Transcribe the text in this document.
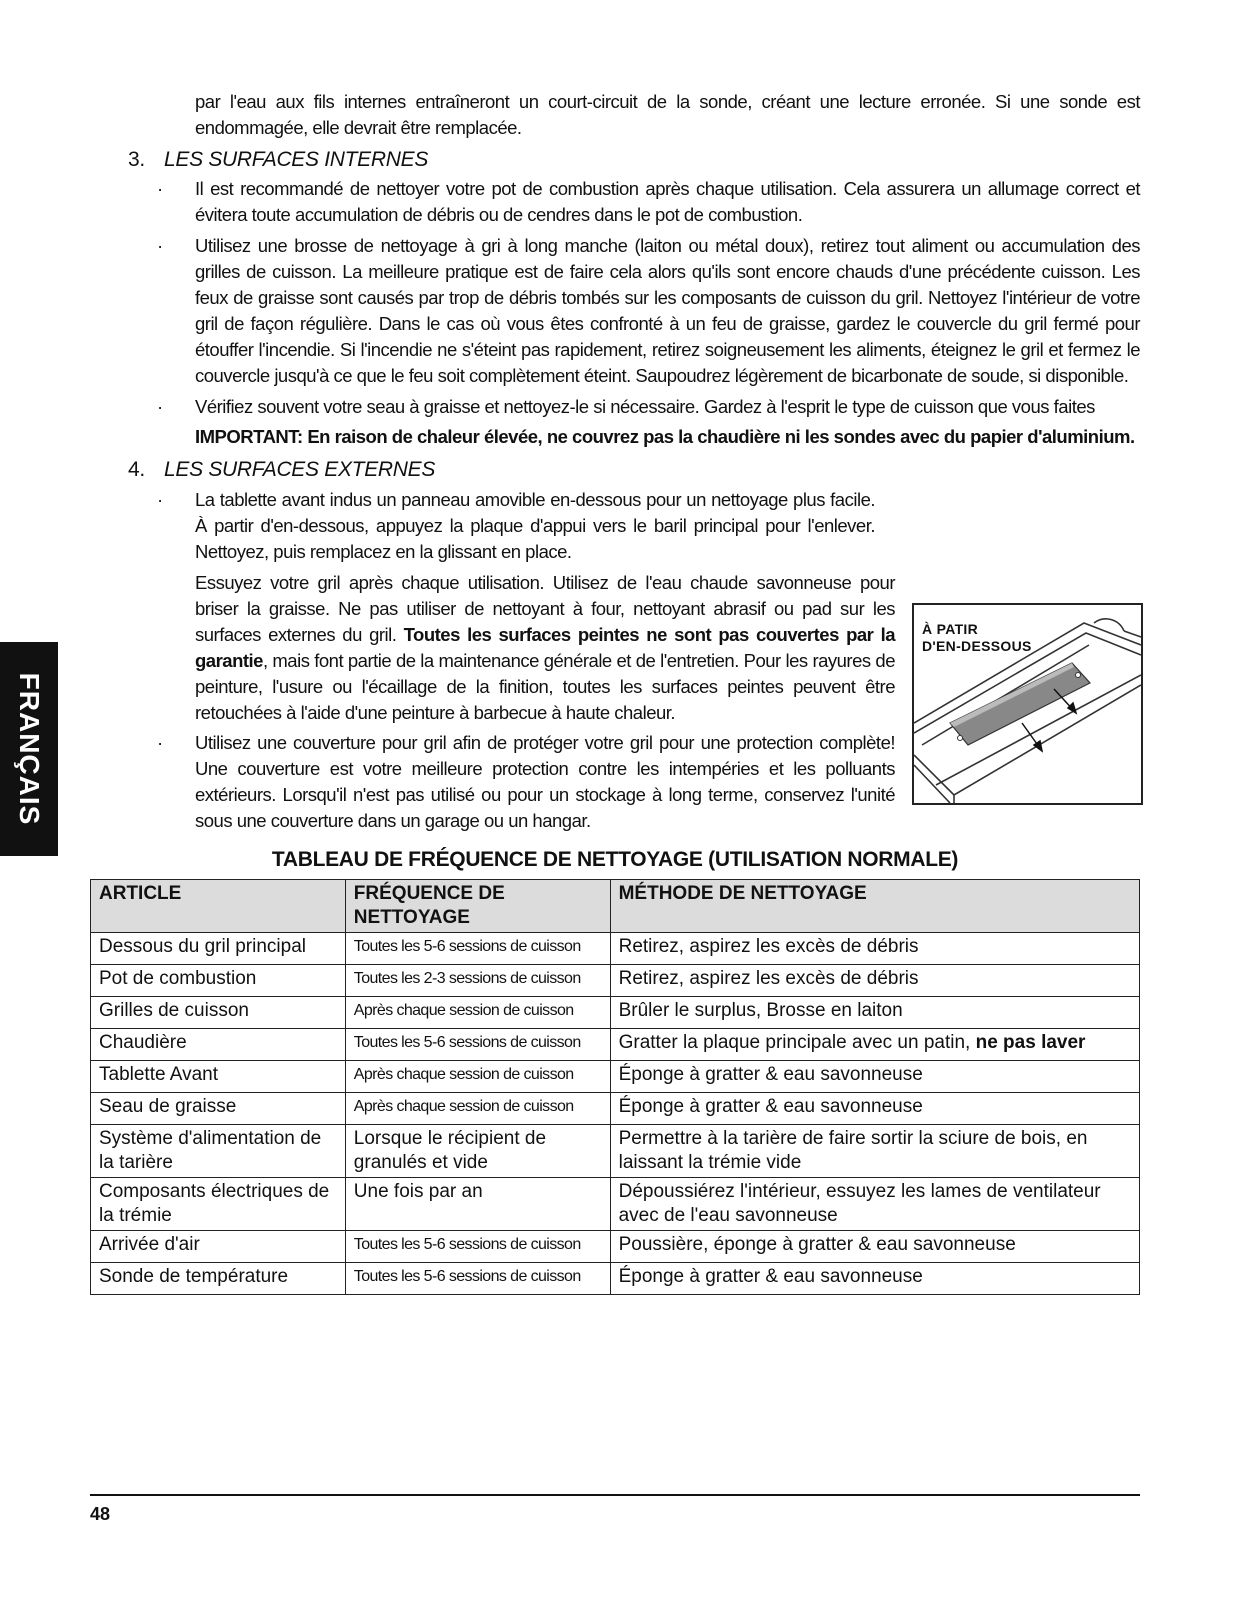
par l'eau aux fils internes entraîneront un court-circuit de la sonde, créant une lecture erronée. Si une sonde est endommagée, elle devrait être remplacée.
3. LES SURFACES INTERNES
· Il est recommandé de nettoyer votre pot de combustion après chaque utilisation. Cela assurera un allumage correct et évitera toute accumulation de débris ou de cendres dans le pot de combustion.
· Utilisez une brosse de nettoyage à gri à long manche (laiton ou métal doux), retirez tout aliment ou accumulation des grilles de cuisson. La meilleure pratique est de faire cela alors qu'ils sont encore chauds d'une précédente cuisson. Les feux de graisse sont causés par trop de débris tombés sur les composants de cuisson du gril. Nettoyez l'intérieur de votre gril de façon régulière. Dans le cas où vous êtes confronté à un feu de graisse, gardez le couvercle du gril fermé pour étouffer l'incendie. Si l'incendie ne s'éteint pas rapidement, retirez soigneusement les aliments, éteignez le gril et fermez le couvercle jusqu'à ce que le feu soit complètement éteint. Saupoudrez légèrement de bicarbonate de soude, si disponible.
· Vérifiez souvent votre seau à graisse et nettoyez-le si nécessaire. Gardez à l'esprit le type de cuisson que vous faites
IMPORTANT: En raison de chaleur élevée, ne couvrez pas la chaudière ni les sondes avec du papier d'aluminium.
4. LES SURFACES EXTERNES
· La tablette avant indus un panneau amovible en-dessous pour un nettoyage plus facile. À partir d'en-dessous, appuyez la plaque d'appui vers le baril principal pour l'enlever. Nettoyez, puis remplacez en la glissant en place.
Essuyez votre gril après chaque utilisation. Utilisez de l'eau chaude savonneuse pour briser la graisse. Ne pas utiliser de nettoyant à four, nettoyant abrasif ou pad sur les surfaces externes du gril. Toutes les surfaces peintes ne sont pas couvertes par la garantie, mais font partie de la maintenance générale et de l'entretien. Pour les rayures de peinture, l'usure ou l'écaillage de la finition, toutes les surfaces peintes peuvent être retouchées à l'aide d'une peinture à barbecue à haute chaleur.
· Utilisez une couverture pour gril afin de protéger votre gril pour une protection complète! Une couverture est votre meilleure protection contre les intempéries et les polluants extérieurs. Lorsqu'il n'est pas utilisé ou pour un stockage à long terme, conservez l'unité sous une couverture dans un garage ou un hangar.
À PATIR
D'EN-DESSOUS
FRANÇAIS
TABLEAU DE FRÉQUENCE DE NETTOYAGE (UTILISATION NORMALE)
ARTICLE	FRÉQUENCE DE NETTOYAGE	MÉTHODE DE NETTOYAGE
Dessous du gril principal	Toutes les 5-6 sessions de cuisson	Retirez, aspirez les excès de débris
Pot de combustion	Toutes les 2-3 sessions de cuisson	Retirez, aspirez les excès de débris
Grilles de cuisson	Après chaque session de cuisson	Brûler le surplus, Brosse en laiton
Chaudière	Toutes les 5-6 sessions de cuisson	Gratter la plaque principale avec un patin, ne pas laver
Tablette Avant	Après chaque session de cuisson	Éponge à gratter & eau savonneuse
Seau de graisse	Après chaque session de cuisson	Éponge à gratter & eau savonneuse
Système d'alimentation de la tarière	Lorsque le récipient de granulés et vide	Permettre à la tarière de faire sortir la sciure de bois, en laissant la trémie vide
Composants électriques de la trémie	Une fois par an	Dépoussiérez l'intérieur, essuyez les lames de ventilateur avec de l'eau savonneuse
Arrivée d'air	Toutes les 5-6 sessions de cuisson	Poussière, éponge à gratter & eau savonneuse
Sonde de température	Toutes les 5-6 sessions de cuisson	Éponge à gratter & eau savonneuse
48
